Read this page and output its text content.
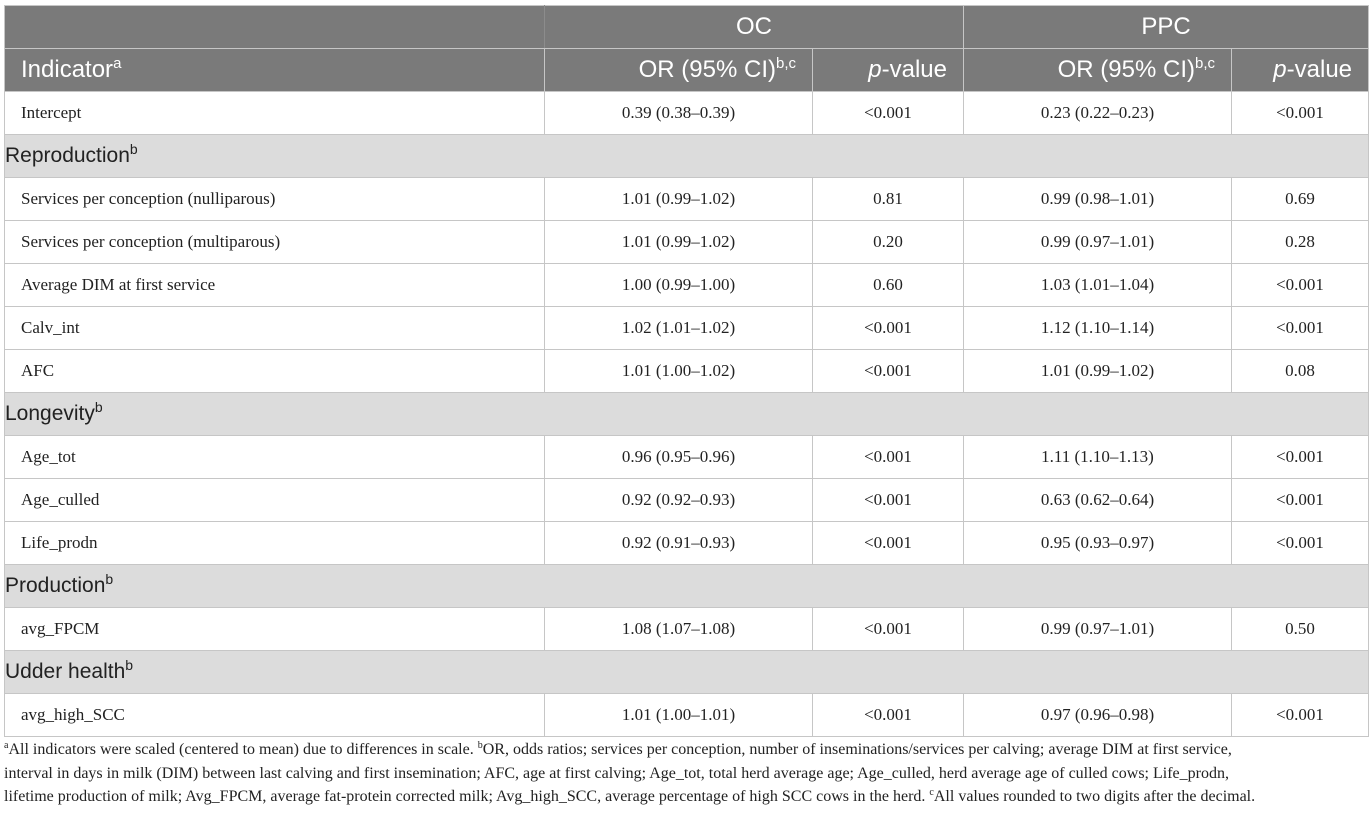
	OC		PPC	
Indicator$^a$	OR (95% CI)$^{b,c}$	p-value	OR (95% CI)$^{b,c}$	p-value
Intercept	0.39 (0.38–0.39)	<0.001	0.23 (0.22–0.23)	<0.001
Reproduction$^b$
Services per conception (nulliparous)	1.01 (0.99–1.02)	0.81	0.99 (0.98–1.01)	0.69
Services per conception (multiparous)	1.01 (0.99–1.02)	0.20	0.99 (0.97–1.01)	0.28
Average DIM at first service	1.00 (0.99–1.00)	0.60	1.03 (1.01–1.04)	<0.001
Calv_int	1.02 (1.01–1.02)	<0.001	1.12 (1.10–1.14)	<0.001
AFC	1.01 (1.00–1.02)	<0.001	1.01 (0.99–1.02)	0.08
Longevity$^b$
Age_tot	0.96 (0.95–0.96)	<0.001	1.11 (1.10–1.13)	<0.001
Age_culled	0.92 (0.92–0.93)	<0.001	0.63 (0.62–0.64)	<0.001
Life_prodn	0.92 (0.91–0.93)	<0.001	0.95 (0.93–0.97)	<0.001
Production$^b$
avg_FPCM	1.08 (1.07–1.08)	<0.001	0.99 (0.97–1.01)	0.50
Udder health$^b$
avg_high_SCC	1.01 (1.00–1.01)	<0.001	0.97 (0.96–0.98)	<0.001
$^a$All indicators were scaled (centered to mean) due to differences in scale. $^b$OR, odds ratios; services per conception, number of inseminations/services per calving; average DIM at first service,
interval in days in milk (DIM) between last calving and first insemination; AFC, age at first calving; Age_tot, total herd average age; Age_culled, herd average age of culled cows; Life_prodn,
lifetime production of milk; Avg_FPCM, average fat-protein corrected milk; Avg_high_SCC, average percentage of high SCC cows in the herd. $^c$All values rounded to two digits after the decimal.
